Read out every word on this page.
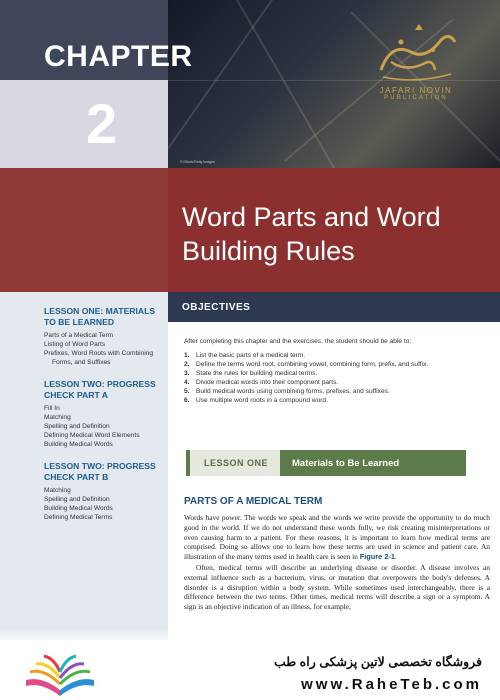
CHAPTER
2
© iStock/Getty Images
JAFARI NOVIN
PUBLICATION
Word Parts and Word Building Rules
LESSON ONE: MATERIALS TO BE LEARNED
Parts of a Medical Term
Listing of Word Parts
Prefixes, Word Roots with Combining
Forms, and Suffixes
LESSON TWO: PROGRESS CHECK PART A
Fill In
Matching
Spelling and Definition
Defining Medical Word Elements
Building Medical Words
LESSON TWO: PROGRESS CHECK PART B
Matching
Spelling and Definition
Building Medical Words
Defining Medical Terms
OBJECTIVES
After completing this chapter and the exercises, the student should be able to:
1. List the basic parts of a medical term.
2. Define the terms word root, combining vowel, combining form, prefix, and suffix.
3. State the rules for building medical terms.
4. Divide medical words into their component parts.
5. Build medical words using combining forms, prefixes, and suffixes.
6. Use multiple word roots in a compound word.
LESSON ONE	Materials to Be Learned
PARTS OF A MEDICAL TERM

Words have power. The words we speak and the words we write provide the opportunity to do much good in the world. If we do not understand these words fully, we risk creating misinterpretations or even causing harm to a patient. For these reasons, it is important to learn how medical terms are comprised. Doing so allows one to learn how these terms are used in science and patient care. An illustration of the many terms used in health care is seen in Figure 2-1.

Often, medical terms will describe an underlying disease or disorder. A disease involves an external influence such as a bacterium, virus, or mutation that overpowers the body's defenses. A disorder is a disruption within a body system. While sometimes used interchangeably, there is a difference between the two terms. Other times, medical terms will describe a sign or a symptom. A sign is an objective indication of an illness, for example,

فروشگاه تخصصی لاتین پزشکی راه طب
www.RaheTeb.com
